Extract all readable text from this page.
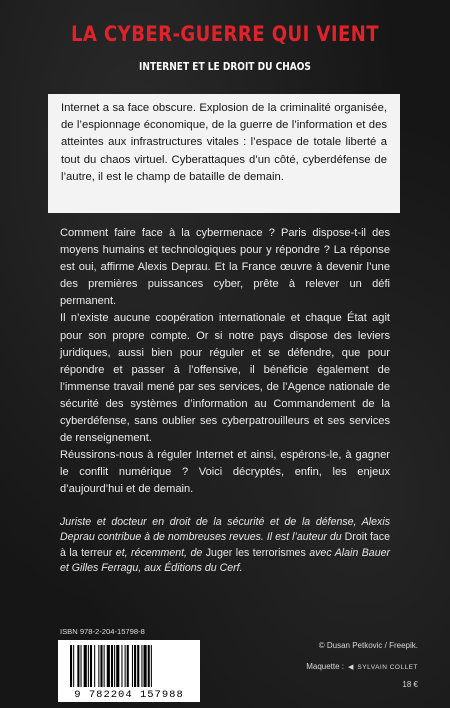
LA CYBER-GUERRE QUI VIENT
INTERNET ET LE DROIT DU CHAOS

Internet a sa face obscure. Explosion de la criminalité organisée, de l’espionnage économique, de la guerre de l’information et des atteintes aux infrastructures vitales : l’espace de totale liberté a tout du chaos virtuel. Cyberattaques d’un côté, cyberdéfense de l’autre, il est le champ de bataille de demain.

Comment faire face à la cybermenace ? Paris dispose-t-il des moyens humains et technologiques pour y répondre ? La réponse est oui, affirme Alexis Deprau. Et la France œuvre à devenir l’une des premières puissances cyber, prête à relever un défi permanent.

Il n’existe aucune coopération internationale et chaque État agit pour son propre compte. Or si notre pays dispose des leviers juridiques, aussi bien pour réguler et se défendre, que pour répondre et passer à l’offensive, il bénéficie également de l’immense travail mené par ses services, de l’Agence nationale de sécurité des systèmes d’information au Commandement de la cyberdéfense, sans oublier ses cyberpatrouilleurs et ses services de renseignement.

Réussirons-nous à réguler Internet et ainsi, espérons-le, à gagner le conflit numérique ? Voici décryptés, enfin, les enjeux d’aujourd’hui et de demain.

Juriste et docteur en droit de la sécurité et de la défense, Alexis Deprau contribue à de nombreuses revues. Il est l’auteur du Droit face à la terreur et, récemment, de Juger les terrorismes avec Alain Bauer et Gilles Ferragu, aux Éditions du Cerf.

ISBN 978-2-204-15798-8
9 782204 157988
© Dusan Petkovic / Freepik.
Maquette : ◀ SYLVAIN COLLET
18 €
